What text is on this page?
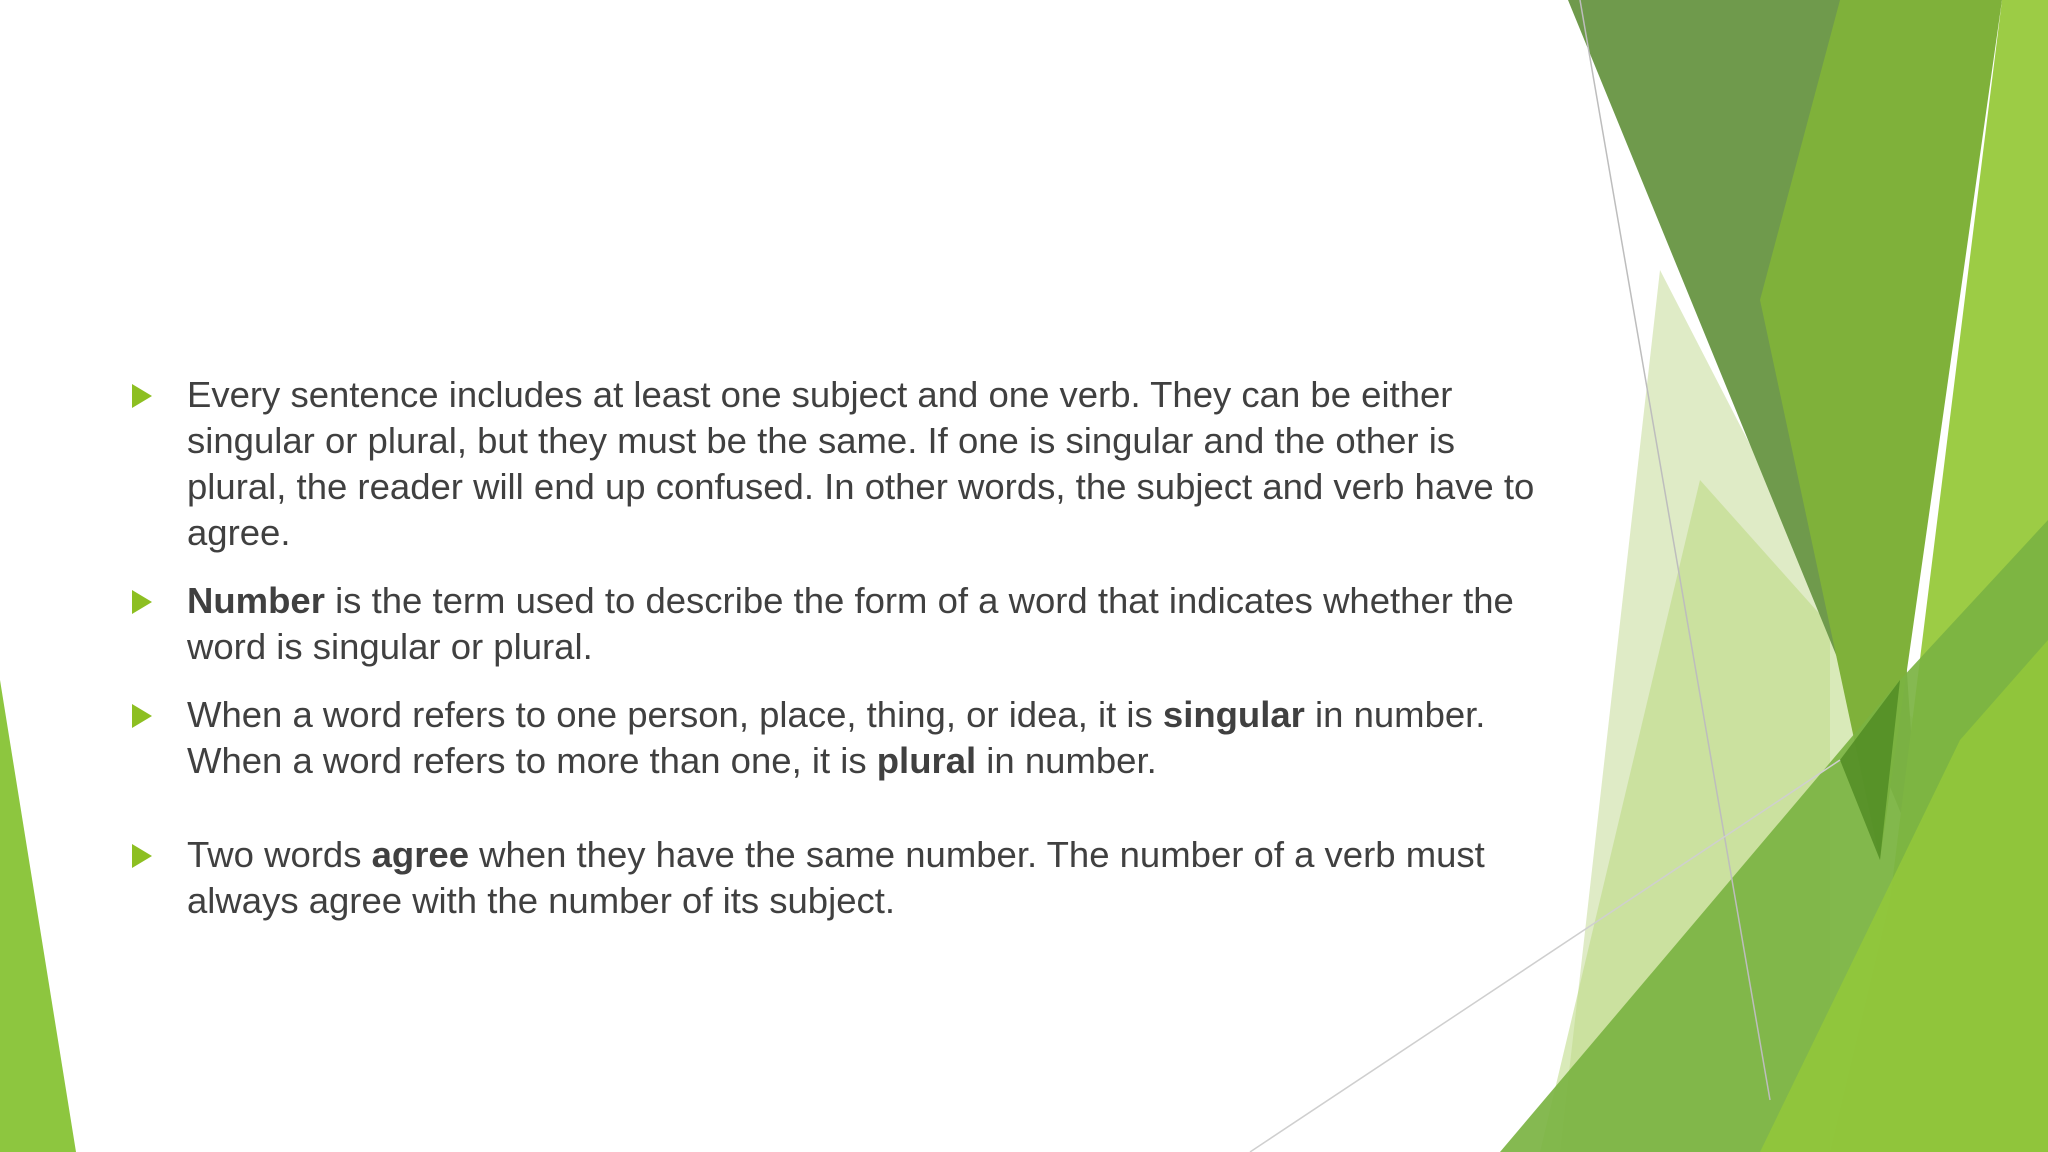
Every sentence includes at least one subject and one verb. They can be either singular or plural, but they must be the same. If one is singular and the other is plural, the reader will end up confused. In other words, the subject and verb have to agree.
Number is the term used to describe the form of a word that indicates whether the word is singular or plural.
When a word refers to one person, place, thing, or idea, it is singular in number. When a word refers to more than one, it is plural in number.
Two words agree when they have the same number. The number of a verb must always agree with the number of its subject.
